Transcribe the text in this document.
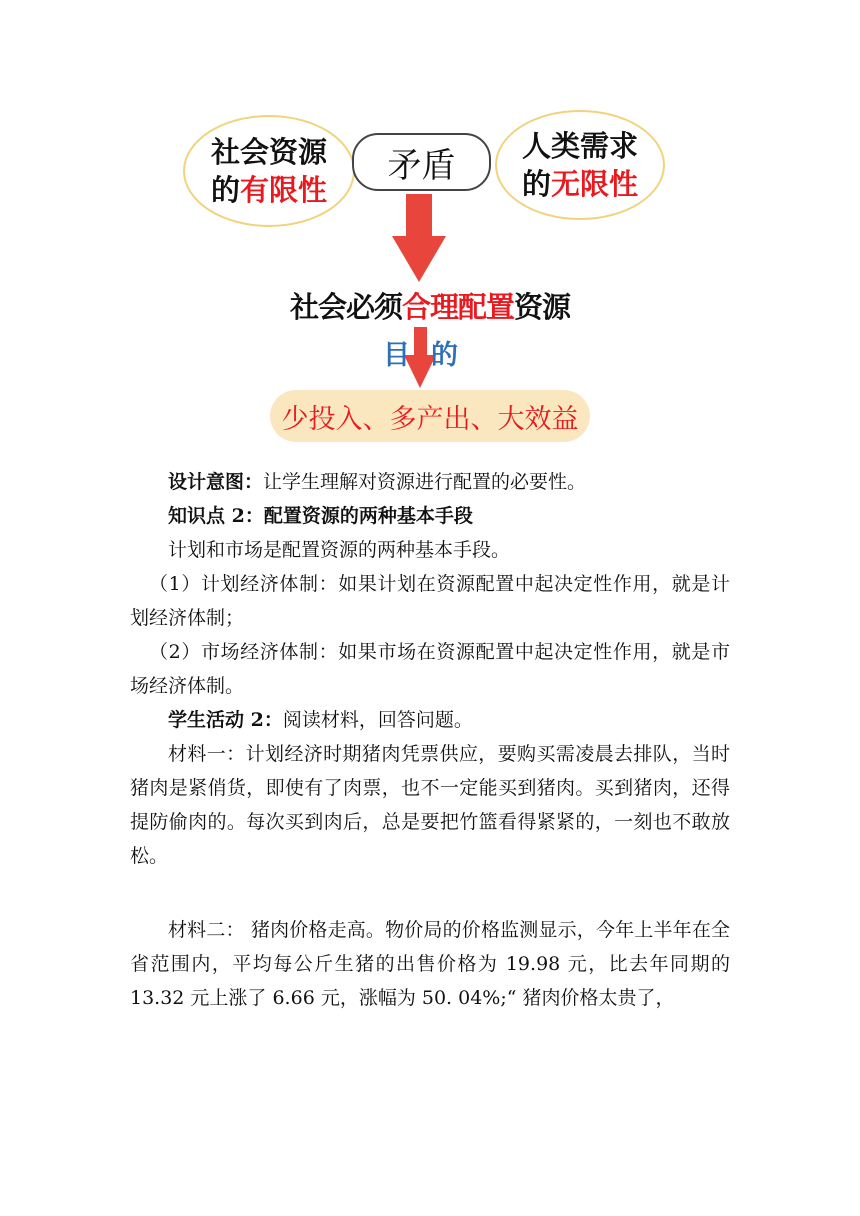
社会资源
的有限性
矛盾	人类需求
的无限性
社会必须合理配置资源
目 的
少投入、多产出、大效益

设计意图：让学生理解对资源进行配置的必要性。

知识点 2：配置资源的两种基本手段

计划和市场是配置资源的两种基本手段。

（1）计划经济体制：如果计划在资源配置中起决定性作用，就是计划经济体制；

（2）市场经济体制：如果市场在资源配置中起决定性作用，就是市场经济体制。

学生活动 2：阅读材料，回答问题。

材料一：计划经济时期猪肉凭票供应，要购买需凌晨去排队，当时猪肉是紧俏货，即使有了肉票，也不一定能买到猪肉。买到猪肉，还得提防偷肉的。每次买到肉后，总是要把竹篮看得紧紧的，一刻也不敢放松。

材料二： 猪肉价格走高。物价局的价格监测显示，今年上半年在全省范围内，平均每公斤生猪的出售价格为 19.98 元，比去年同期的 13.32 元上涨了 6.66 元，涨幅为 50. 04%;“ 猪肉价格太贵了，
